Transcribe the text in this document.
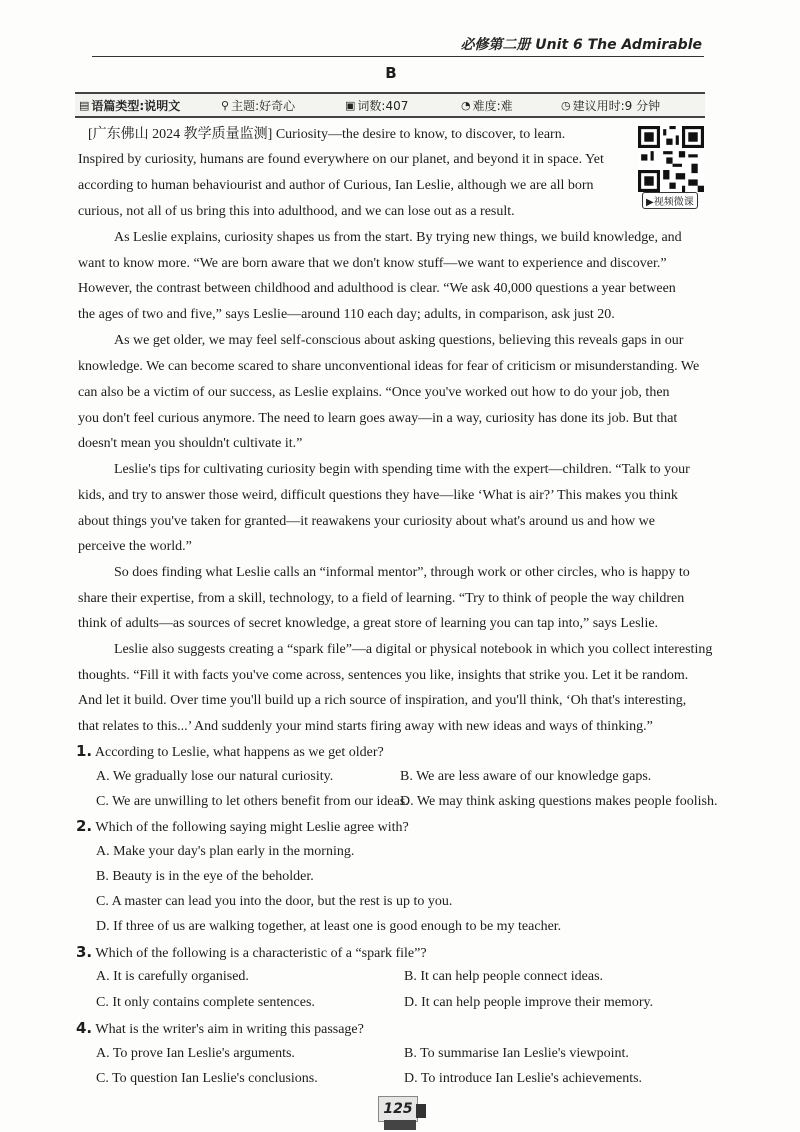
必修第二册 Unit 6 The Admirable
B
▤ 语篇类型:说明文	⚲ 主题:好奇心	▣ 词数:407	◔ 难度:难	◷ 建议用时:9 分钟
▶视频微课
[广东佛山 2024 教学质量监测] Curiosity—the desire to know, to discover, to learn.
Inspired by curiosity, humans are found everywhere on our planet, and beyond it in space. Yet
according to human behaviourist and author of Curious, Ian Leslie, although we are all born
curious, not all of us bring this into adulthood, and we can lose out as a result.
As Leslie explains, curiosity shapes us from the start. By trying new things, we build knowledge, and
want to know more. “We are born aware that we don't know stuff—we want to experience and discover.”
However, the contrast between childhood and adulthood is clear. “We ask 40,000 questions a year between
the ages of two and five,” says Leslie—around 110 each day; adults, in comparison, ask just 20.
As we get older, we may feel self-conscious about asking questions, believing this reveals gaps in our
knowledge. We can become scared to share unconventional ideas for fear of criticism or misunderstanding. We
can also be a victim of our success, as Leslie explains. “Once you've worked out how to do your job, then
you don't feel curious anymore. The need to learn goes away—in a way, curiosity has done its job. But that
doesn't mean you shouldn't cultivate it.”
Leslie's tips for cultivating curiosity begin with spending time with the expert—children. “Talk to your
kids, and try to answer those weird, difficult questions they have—like ‘What is air?’ This makes you think
about things you've taken for granted—it reawakens your curiosity about what's around us and how we
perceive the world.”
So does finding what Leslie calls an “informal mentor”, through work or other circles, who is happy to
share their expertise, from a skill, technology, to a field of learning. “Try to think of people the way children
think of adults—as sources of secret knowledge, a great store of learning you can tap into,” says Leslie.
Leslie also suggests creating a “spark file”—a digital or physical notebook in which you collect interesting
thoughts. “Fill it with facts you've come across, sentences you like, insights that strike you. Let it be random.
And let it build. Over time you'll build up a rich source of inspiration, and you'll think, ‘Oh that's interesting,
that relates to this...’ And suddenly your mind starts firing away with new ideas and ways of thinking.”
1. According to Leslie, what happens as we get older?
A. We gradually lose our natural curiosity.	B. We are less aware of our knowledge gaps.
C. We are unwilling to let others benefit from our ideas.
D. We may think asking questions makes people foolish.
2. Which of the following saying might Leslie agree with?
A. Make your day's plan early in the morning.
B. Beauty is in the eye of the beholder.
C. A master can lead you into the door, but the rest is up to you.
D. If three of us are walking together, at least one is good enough to be my teacher.
3. Which of the following is a characteristic of a “spark file”?
A. It is carefully organised.	B. It can help people connect ideas.
C. It only contains complete sentences.	D. It can help people improve their memory.
4. What is the writer's aim in writing this passage?
A. To prove Ian Leslie's arguments.	B. To summarise Ian Leslie's viewpoint.
C. To question Ian Leslie's conclusions.	D. To introduce Ian Leslie's achievements.
125
